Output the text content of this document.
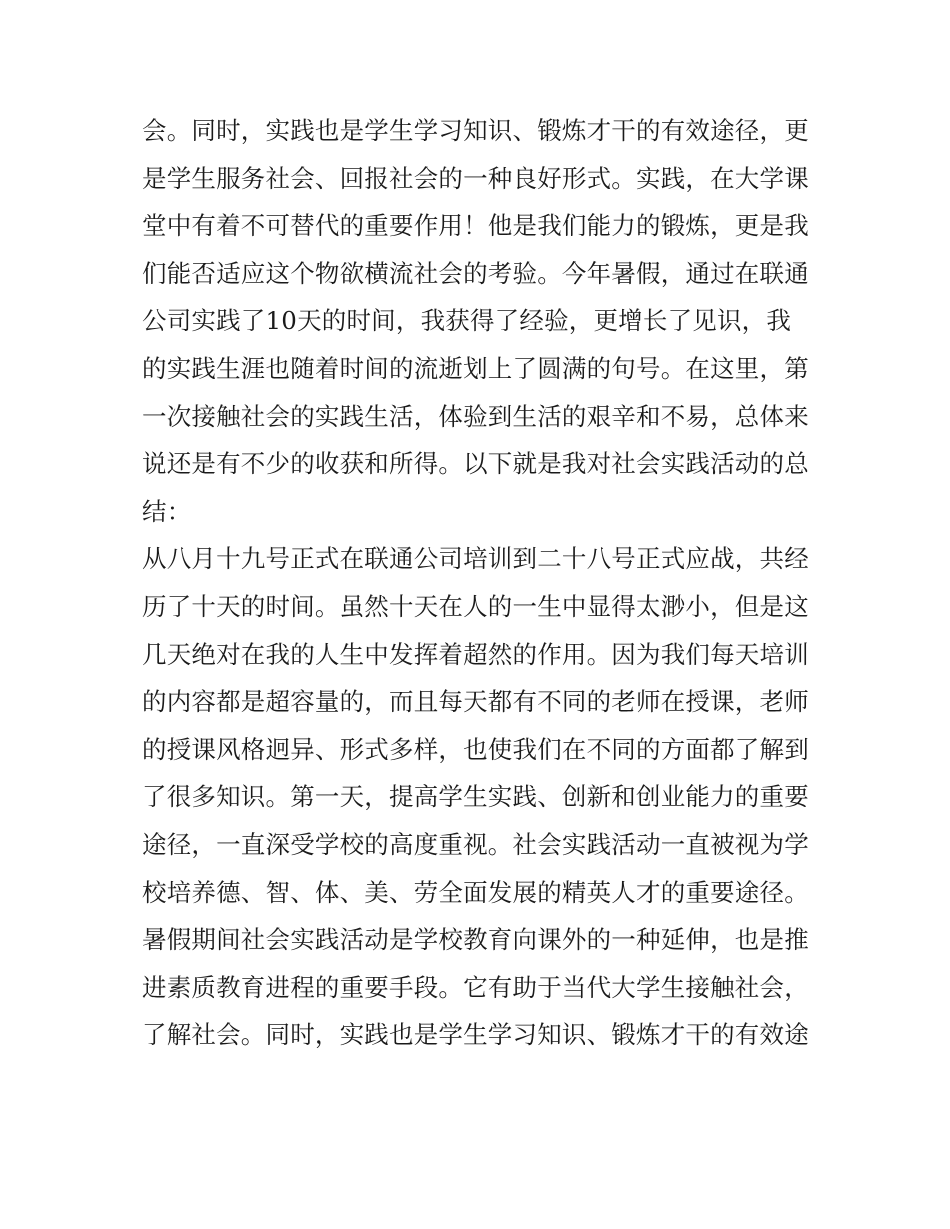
会。同时，实践也是学生学习知识、锻炼才干的有效途径，更
是学生服务社会、回报社会的一种良好形式。实践，在大学课
堂中有着不可替代的重要作用！他是我们能力的锻炼，更是我
们能否适应这个物欲横流社会的考验。今年暑假，通过在联通
公司实践了10天的时间，我获得了经验，更增长了见识，我
的实践生涯也随着时间的流逝划上了圆满的句号。在这里，第
一次接触社会的实践生活，体验到生活的艰辛和不易，总体来
说还是有不少的收获和所得。以下就是我对社会实践活动的总
结：
从八月十九号正式在联通公司培训到二十八号正式应战，共经
历了十天的时间。虽然十天在人的一生中显得太渺小，但是这
几天绝对在我的人生中发挥着超然的作用。因为我们每天培训
的内容都是超容量的，而且每天都有不同的老师在授课，老师
的授课风格迥异、形式多样，也使我们在不同的方面都了解到
了很多知识。第一天，提高学生实践、创新和创业能力的重要
途径，一直深受学校的高度重视。社会实践活动一直被视为学
校培养德、智、体、美、劳全面发展的精英人才的重要途径。
暑假期间社会实践活动是学校教育向课外的一种延伸，也是推
进素质教育进程的重要手段。它有助于当代大学生接触社会，
了解社会。同时，实践也是学生学习知识、锻炼才干的有效途
